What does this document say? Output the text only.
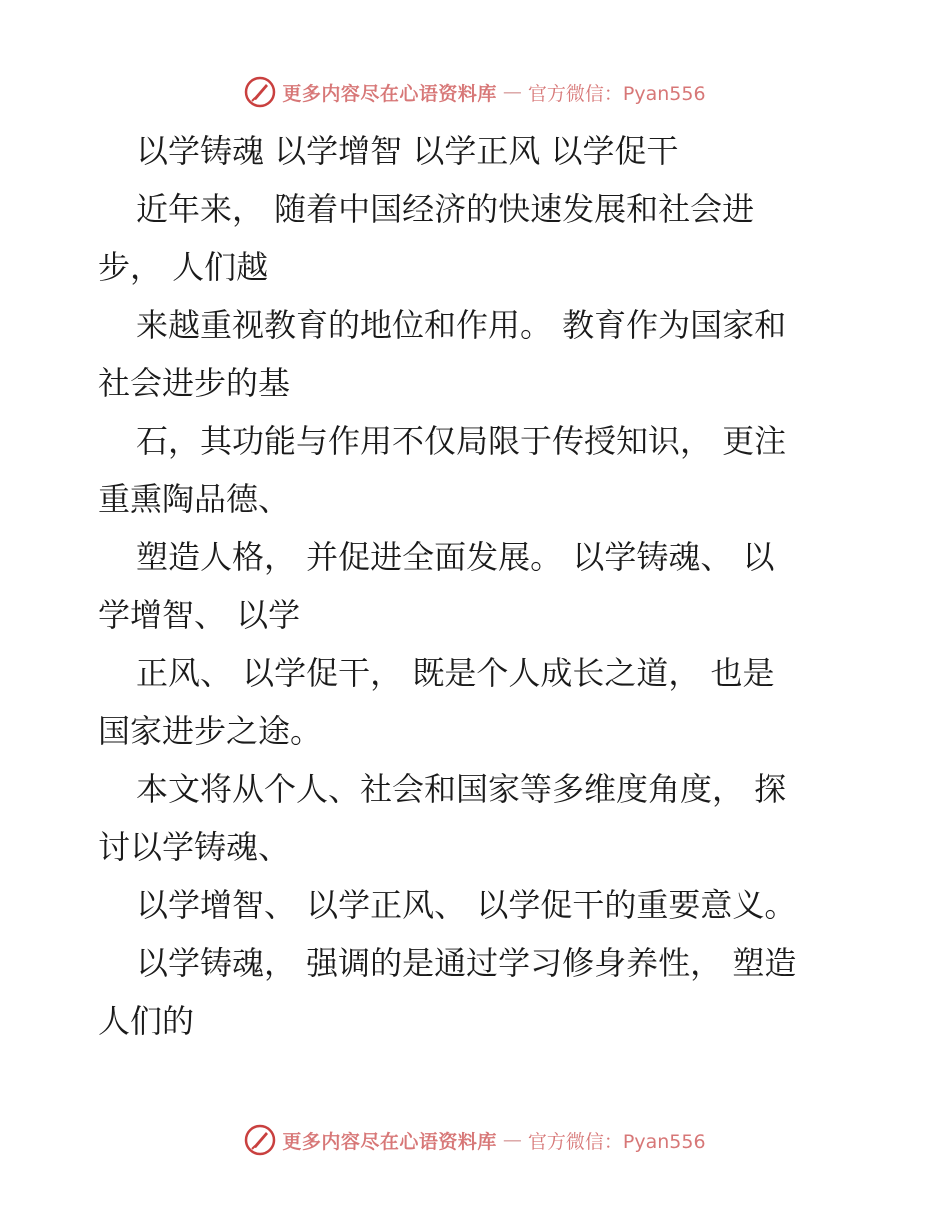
更多内容尽在心语资料库 — 官方微信：Pyan556
以学铸魂 以学增智 以学正风 以学促干
近年来， 随着中国经济的快速发展和社会进
步， 人们越
来越重视教育的地位和作用。 教育作为国家和
社会进步的基
石，其功能与作用不仅局限于传授知识， 更注
重熏陶品德、
塑造人格， 并促进全面发展。 以学铸魂、 以
学增智、 以学
正风、 以学促干， 既是个人成长之道， 也是
国家进步之途。
本文将从个人、社会和国家等多维度角度， 探
讨以学铸魂、
以学增智、 以学正风、 以学促干的重要意义。
以学铸魂， 强调的是通过学习修身养性， 塑造
人们的
更多内容尽在心语资料库 — 官方微信：Pyan556
